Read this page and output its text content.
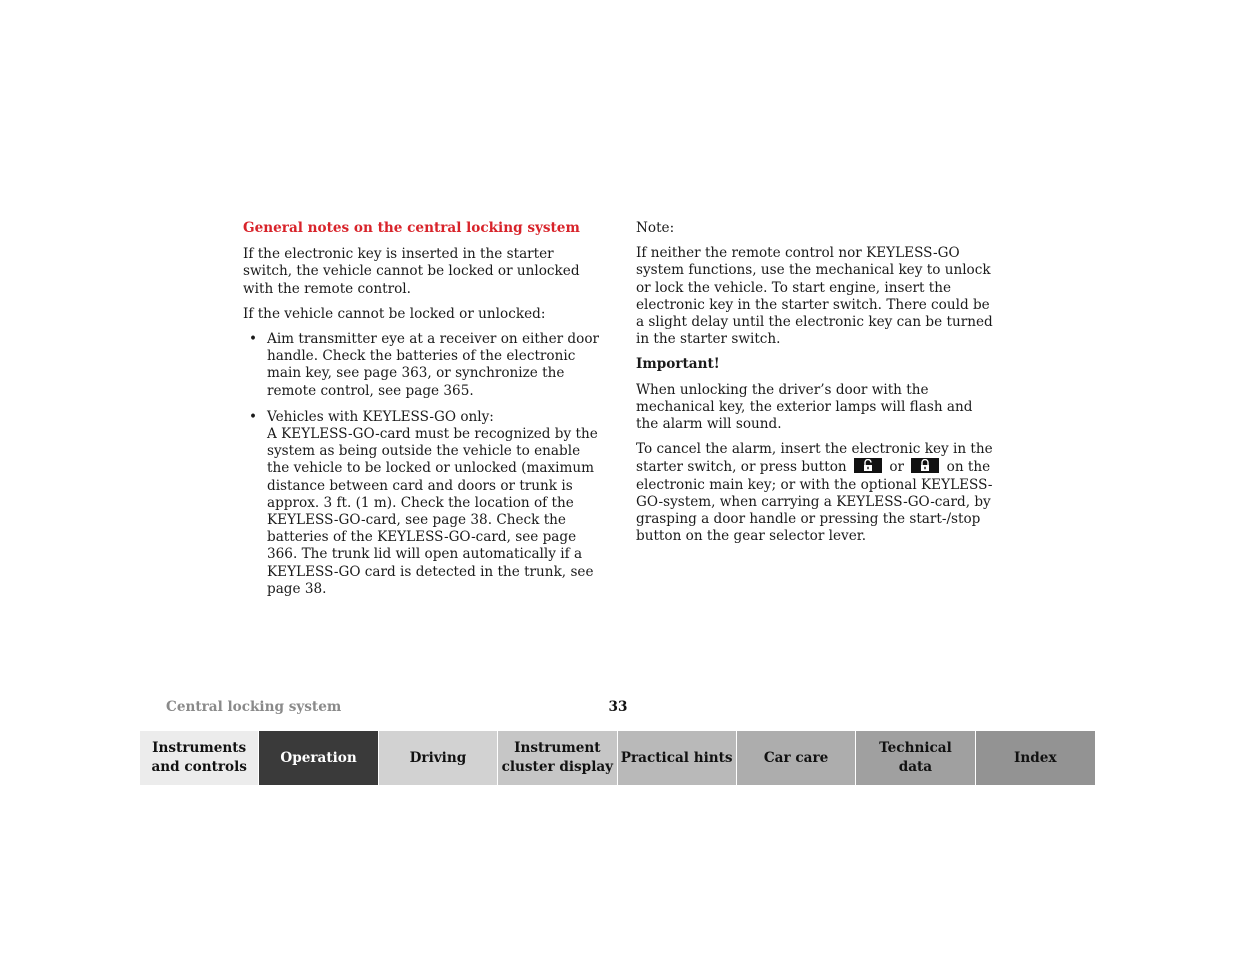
General notes on the central locking system

If the electronic key is inserted in the starter switch, the vehicle cannot be locked or unlocked with the remote control.

If the vehicle cannot be locked or unlocked:

• Aim transmitter eye at a receiver on either door handle. Check the batteries of the electronic main key, see page 363, or synchronize the remote control, see page 365.
• Vehicles with KEYLESS-GO only:
A KEYLESS-GO-card must be recognized by the system as being outside the vehicle to enable the vehicle to be locked or unlocked (maximum distance between card and doors or trunk is approx. 3 ft. (1 m). Check the location of the KEYLESS-GO-card, see page 38. Check the batteries of the KEYLESS-GO-card, see page 366. The trunk lid will open automatically if a KEYLESS-GO card is detected in the trunk, see page 38.

Note:

If neither the remote control nor KEYLESS-GO system functions, use the mechanical key to unlock or lock the vehicle. To start engine, insert the electronic key in the starter switch. There could be a slight delay until the electronic key can be turned in the starter switch.

Important!

When unlocking the driver’s door with the mechanical key, the exterior lamps will flash and the alarm will sound.

To cancel the alarm, insert the electronic key in the starter switch, or press button	or	on the electronic main key; or with the optional KEYLESS-GO-system, when carrying a KEYLESS-GO-card, by grasping a door handle or pressing the start-/stop button on the gear selector lever.

Central locking system	33
Instruments
and controls
Operation	Driving
Instrument
cluster display
Practical hints	Car care
Technical
data
Index
